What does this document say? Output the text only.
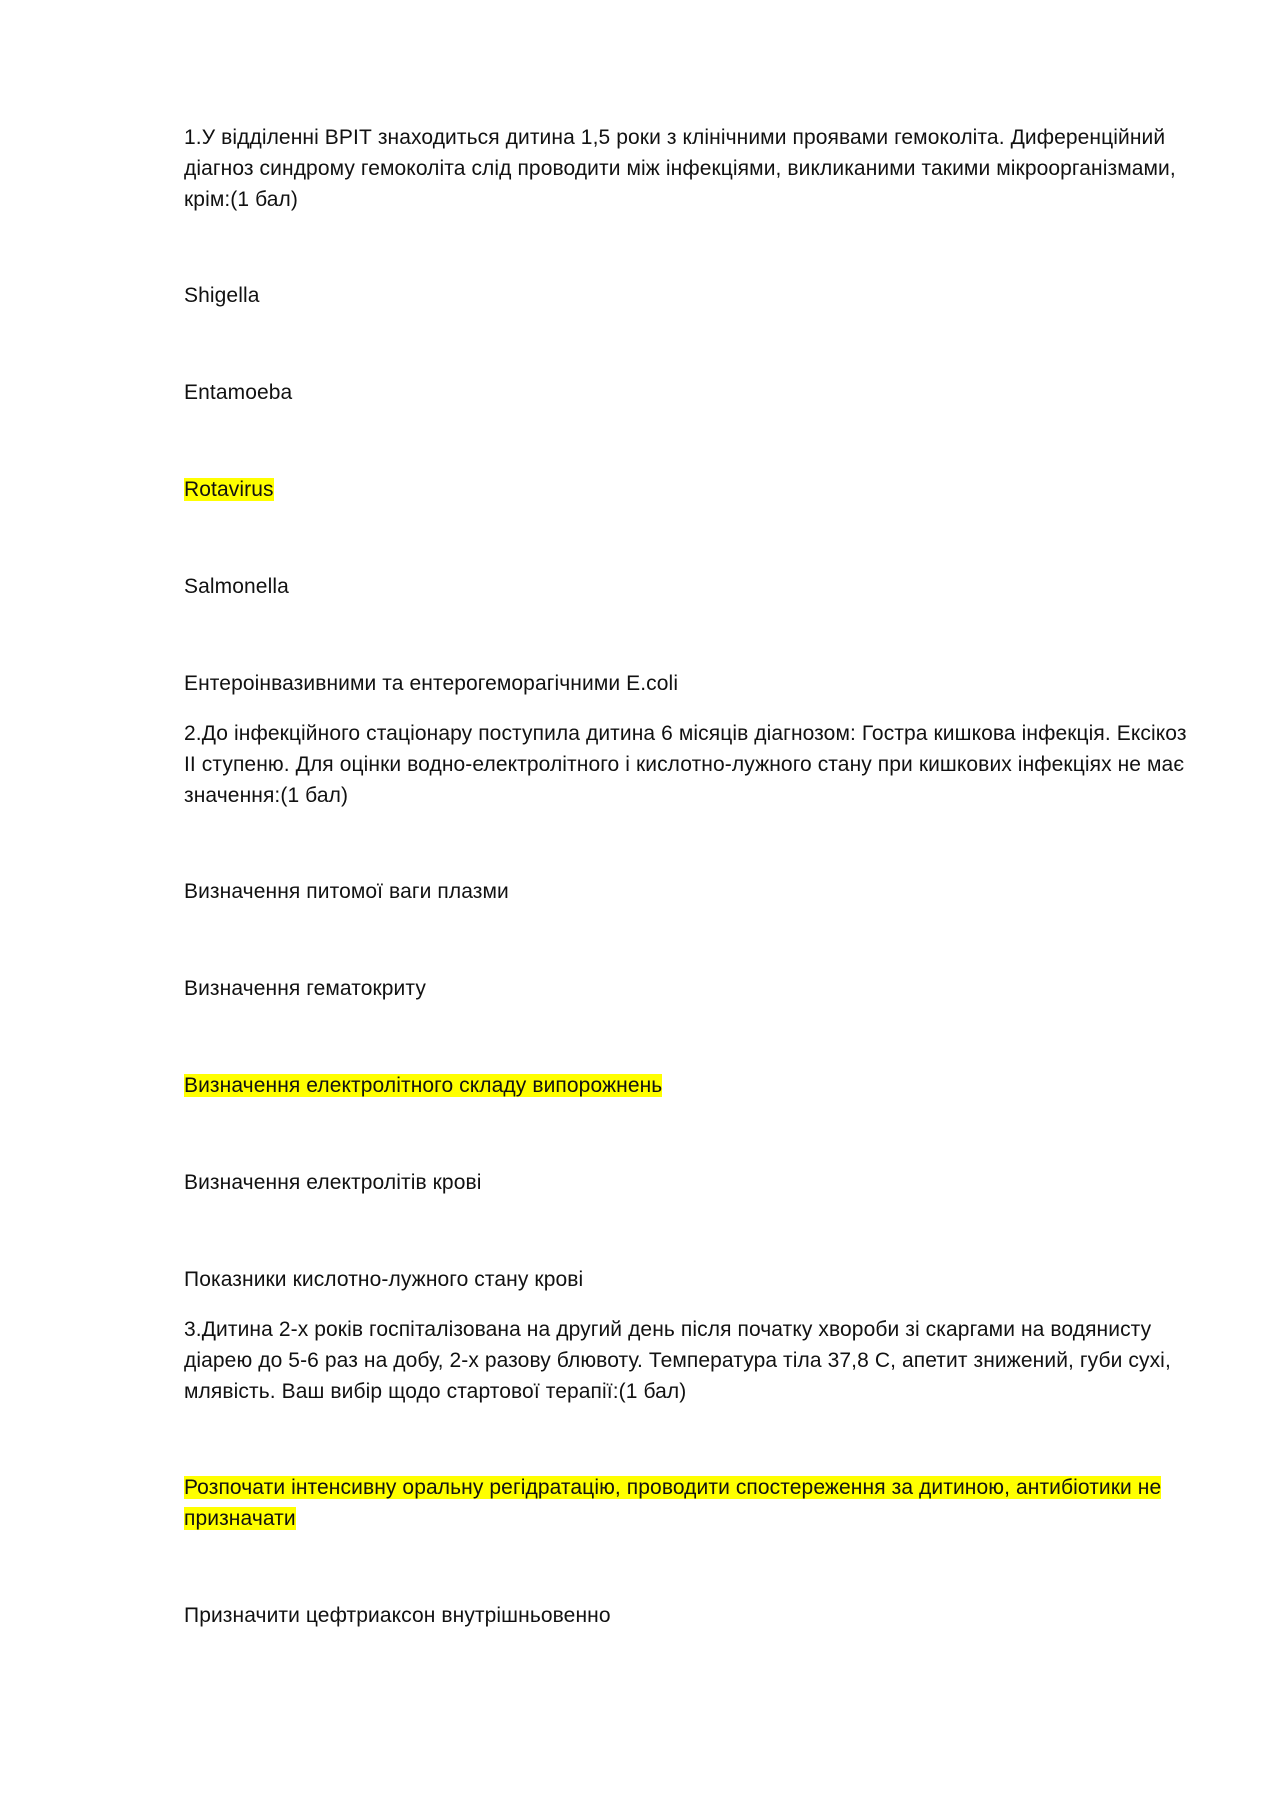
1.У відділенні ВРІТ знаходиться дитина 1,5 роки з клінічними проявами гемоколіта. Диференційний діагноз синдрому гемоколіта слід проводити між інфекціями, викликаними такими мікроорганізмами, крім:(1 бал)

Shigella

Entamoeba

Rotavirus

Salmonella

Ентероінвазивними та ентерогеморагічними E.coli

2.До інфекційного стаціонару поступила дитина 6 місяців діагнозом: Гостра кишкова інфекція. Ексікоз ІІ ступеню. Для оцінки водно-електролітного і кислотно-лужного стану при кишкових інфекціях не має значення:(1 бал)

Визначення питомої ваги плазми

Визначення гематокриту

Визначення електролітного складу випорожнень

Визначення електролітів крові

Показники кислотно-лужного стану крові

3.Дитина 2-х років госпіталізована на другий день після початку хвороби зі скаргами на водянисту діарею до 5-6 раз на добу, 2-х разову блювоту. Температура тіла 37,8 С, апетит знижений, губи сухі, млявість. Ваш вибір щодо стартової терапії:(1 бал)

Розпочати інтенсивну оральну регідратацію, проводити спостереження за дитиною, антибіотики не призначати

Призначити цефтриаксон внутрішньовенно
